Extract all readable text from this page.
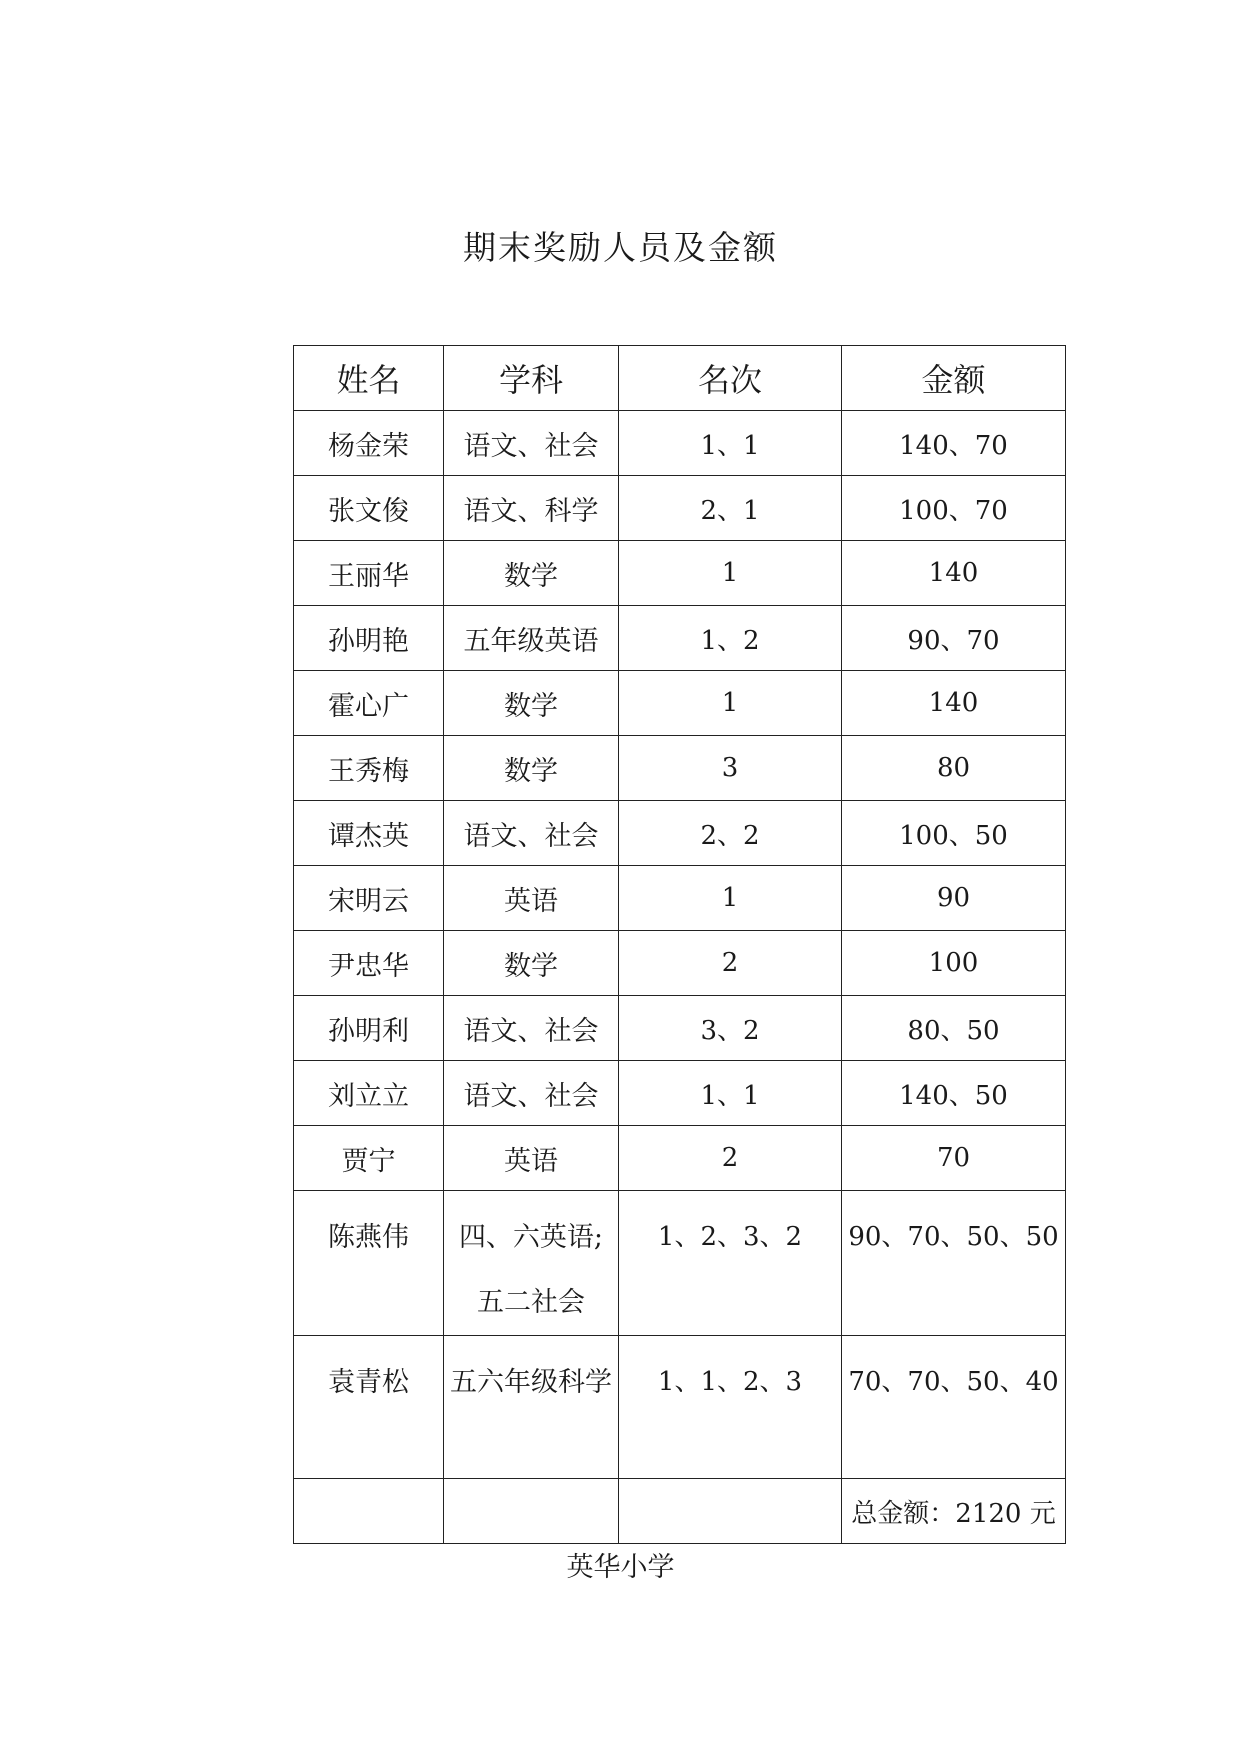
期末奖励人员及金额
姓名	学科	名次	金额
杨金荣	语文、社会	1、1	140、70
张文俊	语文、科学	2、1	100、70
王丽华	数学	1	140
孙明艳	五年级英语	1、2	90、70
霍心广	数学	1	140
王秀梅	数学	3	80
谭杰英	语文、社会	2、2	100、50
宋明云	英语	1	90
尹忠华	数学	2	100
孙明利	语文、社会	3、2	80、50
刘立立	语文、社会	1、1	140、50
贾宁	英语	2	70
陈燕伟	四、六英语;五二社会	1、2、3、2	90、70、50、50
袁青松	五六年级科学	1、1、2、3	70、70、50、40
			总金额：2120 元
英华小学
